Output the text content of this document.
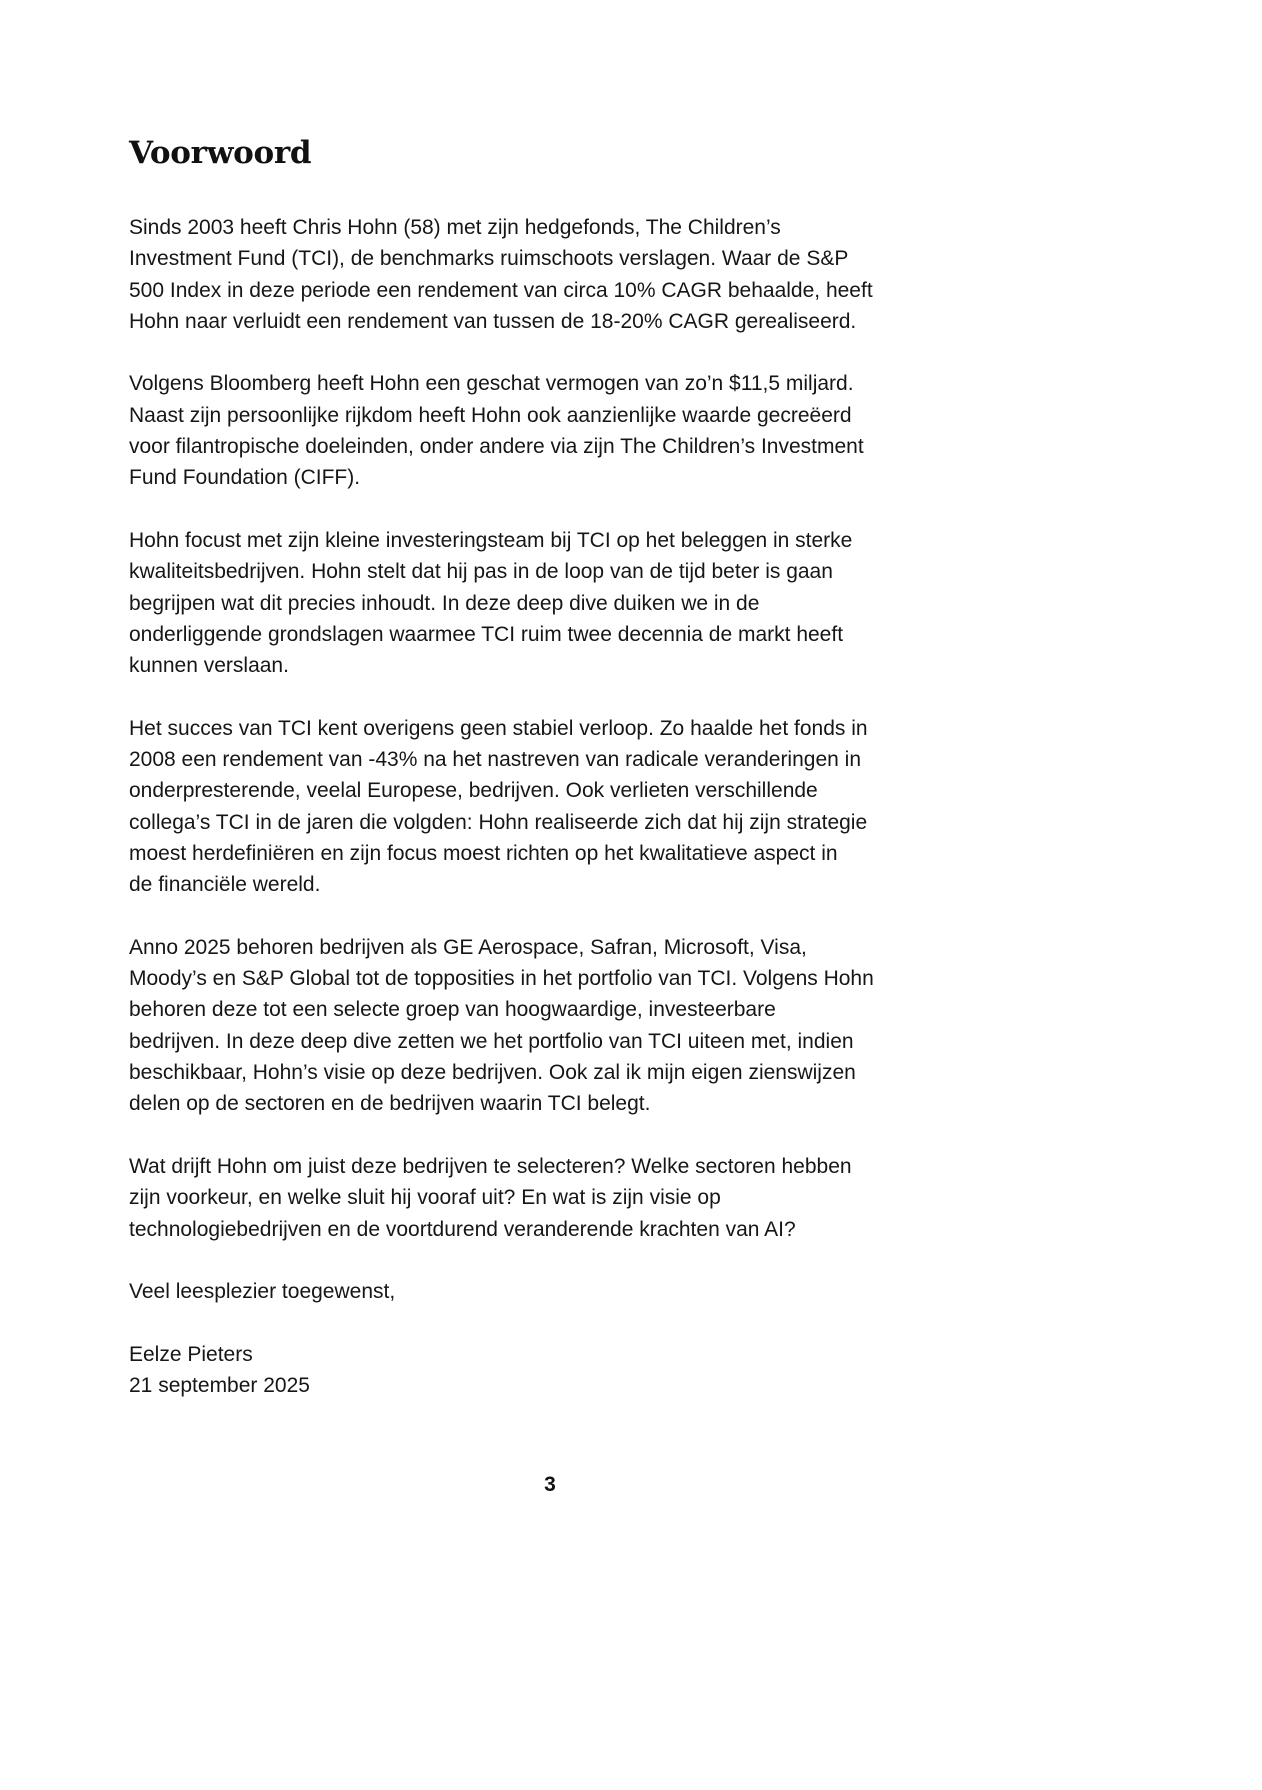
Voorwoord

Sinds 2003 heeft Chris Hohn (58) met zijn hedgefonds, The Children’s
Investment Fund (TCI), de benchmarks ruimschoots verslagen. Waar de S&P
500 Index in deze periode een rendement van circa 10% CAGR behaalde, heeft
Hohn naar verluidt een rendement van tussen de 18-20% CAGR gerealiseerd.

Volgens Bloomberg heeft Hohn een geschat vermogen van zo’n $11,5 miljard.
Naast zijn persoonlijke rijkdom heeft Hohn ook aanzienlijke waarde gecreëerd
voor filantropische doeleinden, onder andere via zijn The Children’s Investment
Fund Foundation (CIFF).

Hohn focust met zijn kleine investeringsteam bij TCI op het beleggen in sterke
kwaliteitsbedrijven. Hohn stelt dat hij pas in de loop van de tijd beter is gaan
begrijpen wat dit precies inhoudt. In deze deep dive duiken we in de
onderliggende grondslagen waarmee TCI ruim twee decennia de markt heeft
kunnen verslaan.

Het succes van TCI kent overigens geen stabiel verloop. Zo haalde het fonds in
2008 een rendement van -43% na het nastreven van radicale veranderingen in
onderpresterende, veelal Europese, bedrijven. Ook verlieten verschillende
collega’s TCI in de jaren die volgden: Hohn realiseerde zich dat hij zijn strategie
moest herdefiniëren en zijn focus moest richten op het kwalitatieve aspect in
de financiële wereld.

Anno 2025 behoren bedrijven als GE Aerospace, Safran, Microsoft, Visa,
Moody’s en S&P Global tot de topposities in het portfolio van TCI. Volgens Hohn
behoren deze tot een selecte groep van hoogwaardige, investeerbare
bedrijven. In deze deep dive zetten we het portfolio van TCI uiteen met, indien
beschikbaar, Hohn’s visie op deze bedrijven. Ook zal ik mijn eigen zienswijzen
delen op de sectoren en de bedrijven waarin TCI belegt.

Wat drijft Hohn om juist deze bedrijven te selecteren? Welke sectoren hebben
zijn voorkeur, en welke sluit hij vooraf uit? En wat is zijn visie op
technologiebedrijven en de voortdurend veranderende krachten van AI?

Veel leesplezier toegewenst,

Eelze Pieters
21 september 2025

3
